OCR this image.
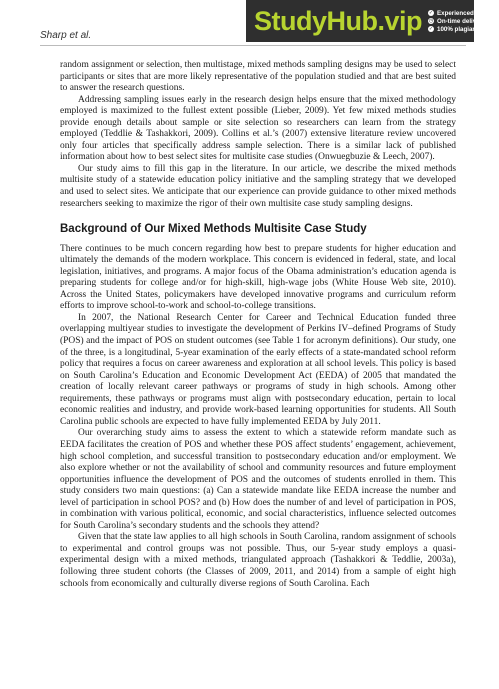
Sharp et al.	StudyHub.vip ✓ Experienced writers
◷ On-time delivery
✓ 100% plagiarism free

random assignment or selection, then multistage, mixed methods sampling designs may be used to select participants or sites that are more likely representative of the population studied and that are best suited to answer the research questions.

Addressing sampling issues early in the research design helps ensure that the mixed methodology employed is maximized to the fullest extent possible (Lieber, 2009). Yet few mixed methods studies provide enough details about sample or site selection so researchers can learn from the strategy employed (Teddlie & Tashakkori, 2009). Collins et al.’s (2007) extensive literature review uncovered only four articles that specifically address sample selection. There is a similar lack of published information about how to best select sites for multisite case studies (Onwuegbuzie & Leech, 2007).

Our study aims to fill this gap in the literature. In our article, we describe the mixed methods multisite study of a statewide education policy initiative and the sampling strategy that we developed and used to select sites. We anticipate that our experience can provide guidance to other mixed methods researchers seeking to maximize the rigor of their own multisite case study sampling designs.

Background of Our Mixed Methods Multisite Case Study

There continues to be much concern regarding how best to prepare students for higher education and ultimately the demands of the modern workplace. This concern is evidenced in federal, state, and local legislation, initiatives, and programs. A major focus of the Obama administration’s education agenda is preparing students for college and/or for high-skill, high-wage jobs (White House Web site, 2010). Across the United States, policymakers have developed innovative programs and curriculum reform efforts to improve school-to-work and school-to-college transitions.

In 2007, the National Research Center for Career and Technical Education funded three overlapping multiyear studies to investigate the development of Perkins IV–defined Programs of Study (POS) and the impact of POS on student outcomes (see Table 1 for acronym definitions). Our study, one of the three, is a longitudinal, 5-year examination of the early effects of a state-mandated school reform policy that requires a focus on career awareness and exploration at all school levels. This policy is based on South Carolina’s Education and Economic Development Act (EEDA) of 2005 that mandated the creation of locally relevant career pathways or programs of study in high schools. Among other requirements, these pathways or programs must align with postsecondary education, pertain to local economic realities and industry, and provide work-based learning opportunities for students. All South Carolina public schools are expected to have fully implemented EEDA by July 2011.

Our overarching study aims to assess the extent to which a statewide reform mandate such as EEDA facilitates the creation of POS and whether these POS affect students’ engagement, achievement, high school completion, and successful transition to postsecondary education and/or employment. We also explore whether or not the availability of school and community resources and future employment opportunities influence the development of POS and the outcomes of students enrolled in them. This study considers two main questions: (a) Can a statewide mandate like EEDA increase the number and level of participation in school POS? and (b) How does the number of and level of participation in POS, in combination with various political, economic, and social characteristics, influence selected outcomes for South Carolina’s secondary students and the schools they attend?

Given that the state law applies to all high schools in South Carolina, random assignment of schools to experimental and control groups was not possible. Thus, our 5-year study employs a quasi-experimental design with a mixed methods, triangulated approach (Tashakkori & Teddlie, 2003a), following three student cohorts (the Classes of 2009, 2011, and 2014) from a sample of eight high schools from economically and culturally diverse regions of South Carolina. Each
